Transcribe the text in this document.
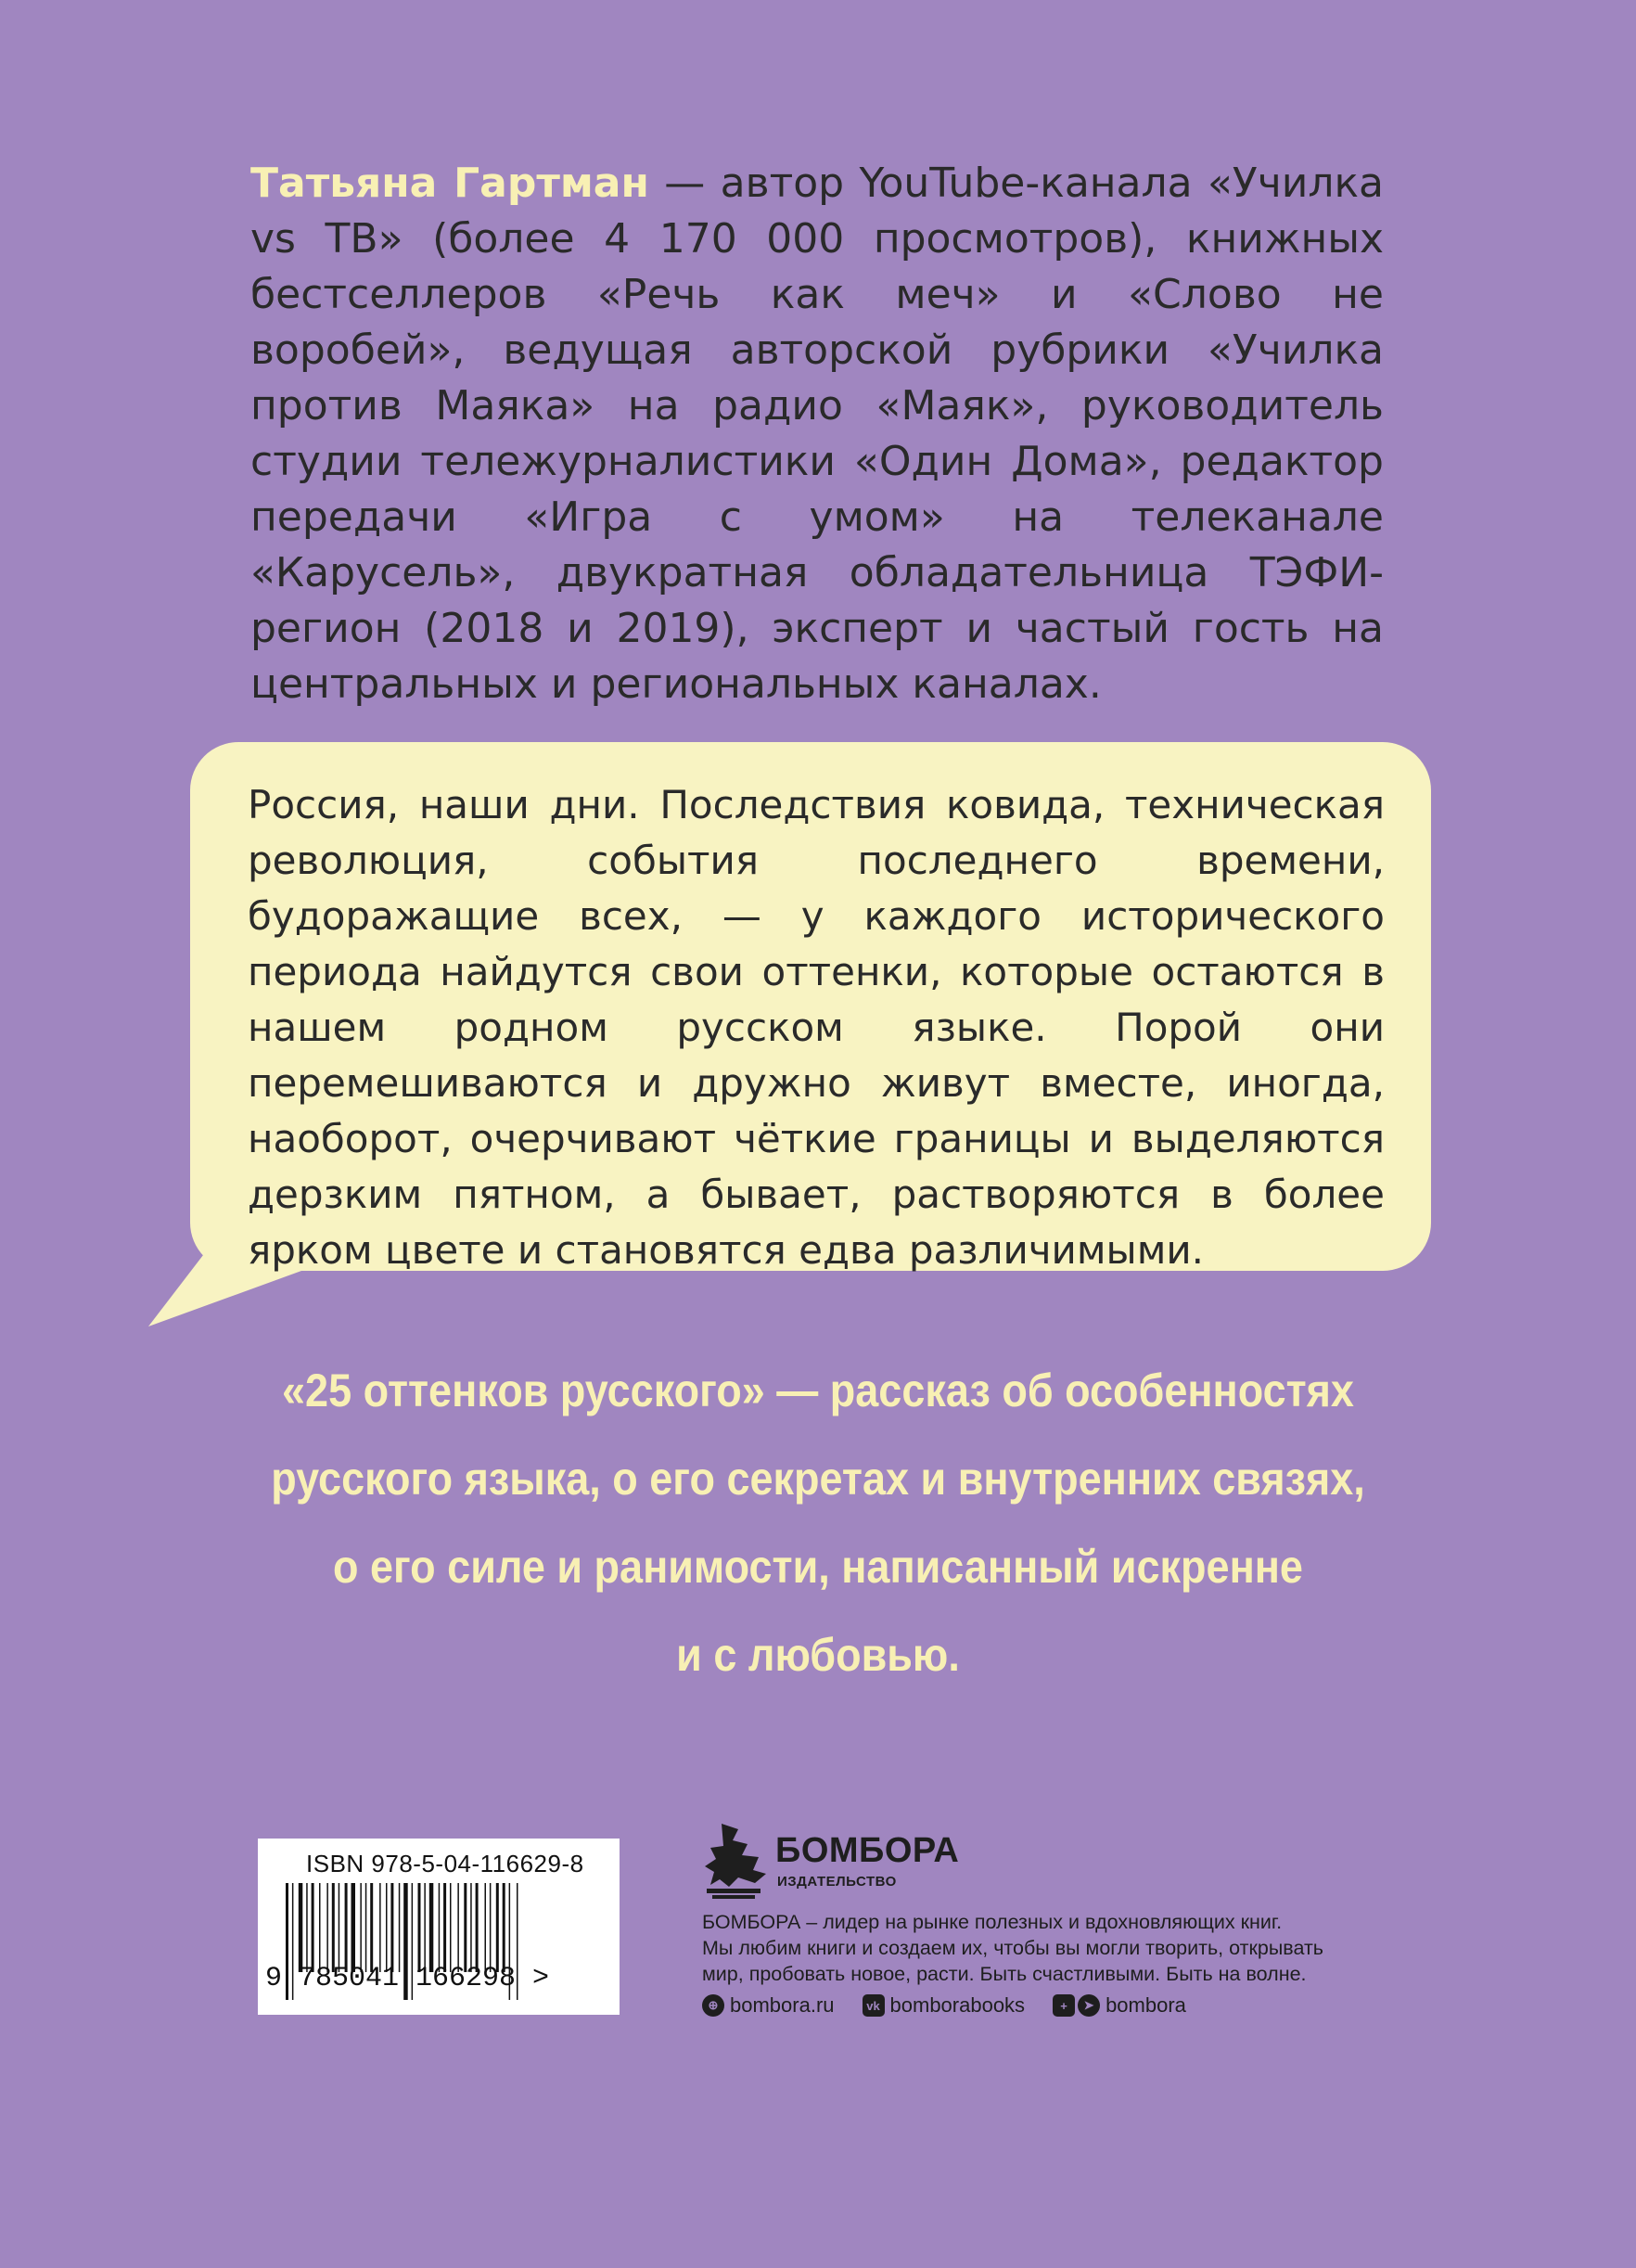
Татьяна Гартман — автор YouTube-канала «Училка vs ТВ» (более 4 170 000 просмотров), книжных бестселлеров «Речь как меч» и «Слово не воробей», ведущая авторской рубрики «Училка против Маяка» на радио «Маяк», руководитель студии тележурналистики «Один Дома», редактор передачи «Игра с умом» на телеканале «Карусель», двукратная обладательница ТЭФИ-регион (2018 и 2019), эксперт и частый гость на центральных и региональных каналах.

Россия, наши дни. Последствия ковида, техническая революция, события последнего времени, будоражащие всех, — у каждого исторического периода найдутся свои оттенки, которые остаются в нашем родном русском языке. Порой они перемешиваются и дружно живут вместе, иногда, наоборот, очерчивают чёткие границы и выделяются дерзким пятном, а бывает, растворяются в более ярком цвете и становятся едва различимыми.

«25 оттенков русского» — рассказ об особенностях
русского языка, о его секретах и внутренних связях,
о его силе и ранимости, написанный искренне
и с любовью.

ISBN 978-5-04-116629-8
9 785041 166298 >
БОМБОРА
ИЗДАТЕЛЬСТВО

БОМБОРА – лидер на рынке полезных и вдохновляющих книг.
Мы любим книги и создаем их, чтобы вы могли творить, открывать
мир, пробовать новое, расти. Быть счастливыми. Быть на волне.

⊕ bombora.ru	vk bomborabooks	+	➤ bombora
